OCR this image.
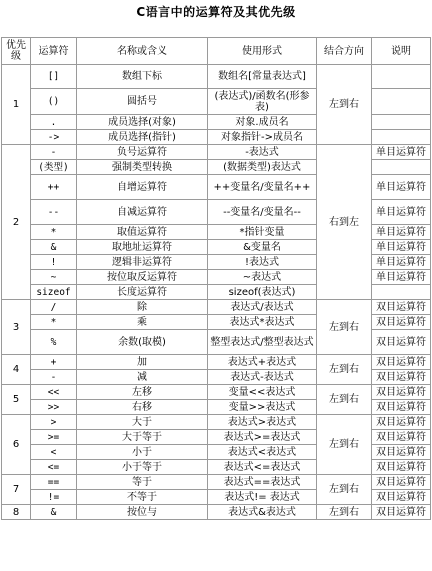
C语言中的运算符及其优先级
优先级	运算符	名称或含义	使用形式	结合方向	说明
1	[]	数组下标	数组名[常量表达式]	左到右	
	()	圆括号	(表达式)/函数名(形参表)		
	.	成员选择(对象)	对象.成员名		
	->	成员选择(指针)	对象指针->成员名		
2	-	负号运算符	-表达式	右到左	单目运算符
	(类型)	强制类型转换	(数据类型)表达式		
	++	自增运算符	++变量名/变量名++		单目运算符
	--	自减运算符	--变量名/变量名--		单目运算符
	*	取值运算符	*指针变量		单目运算符
	&	取地址运算符	&变量名		单目运算符
	!	逻辑非运算符	!表达式		单目运算符
	~	按位取反运算符	~表达式		单目运算符
	sizeof	长度运算符	sizeof(表达式)		
3	/	除	表达式/表达式	左到右	双目运算符
	*	乘	表达式*表达式		双目运算符
	%	余数(取模)	整型表达式/整型表达式		双目运算符
4	+	加	表达式+表达式	左到右	双目运算符
	-	减	表达式-表达式		双目运算符
5	<<	左移	变量<<表达式	左到右	双目运算符
	>>	右移	变量>>表达式		双目运算符
6	>	大于	表达式>表达式	左到右	双目运算符
	>=	大于等于	表达式>=表达式		双目运算符
	<	小于	表达式<表达式		双目运算符
	<=	小于等于	表达式<=表达式		双目运算符
7	==	等于	表达式==表达式	左到右	双目运算符
	!=	不等于	表达式!= 表达式		双目运算符
8	&	按位与	表达式&表达式	左到右	双目运算符
